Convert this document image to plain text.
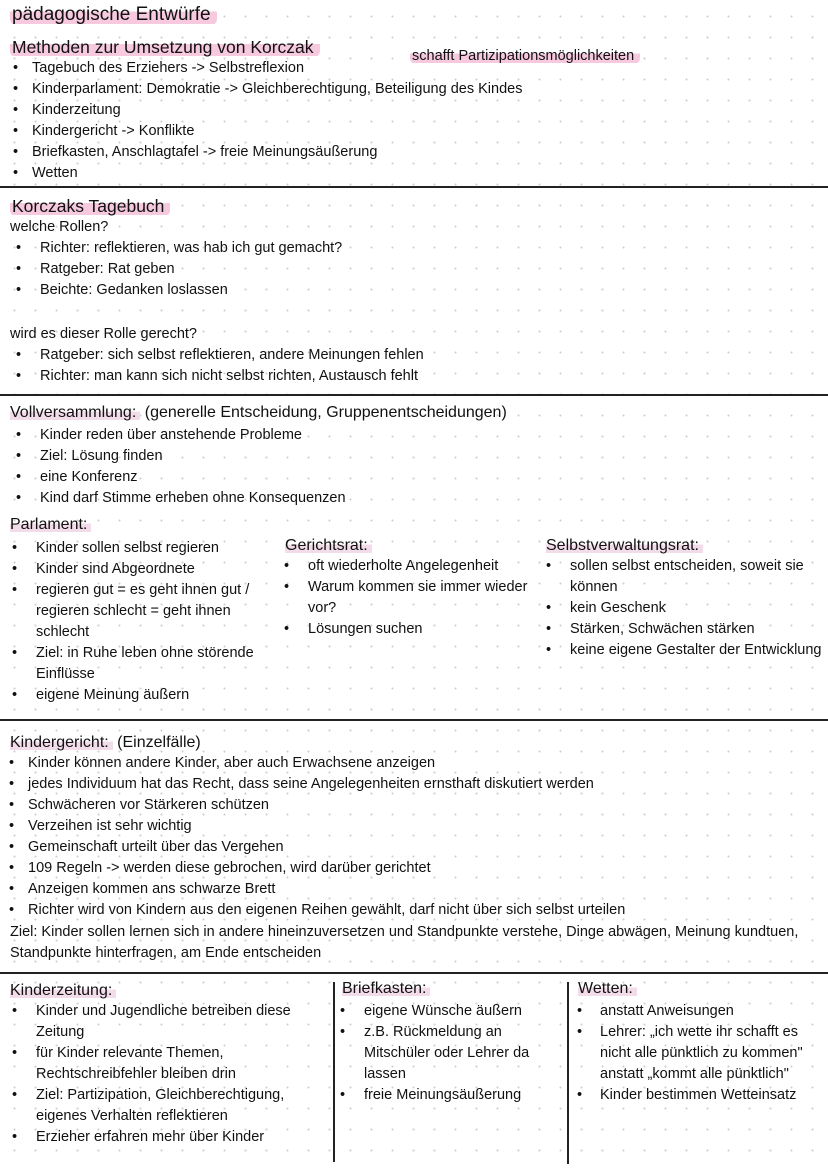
pädagogische Entwürfe
Methoden zur Umsetzung von Korczak	schafft Partizipationsmöglichkeiten
• Tagebuch des Erziehers -> Selbstreflexion
• Kinderparlament: Demokratie -> Gleichberechtigung, Beteiligung des Kindes
• Kinderzeitung
• Kindergericht -> Konflikte
• Briefkasten, Anschlagtafel -> freie Meinungsäußerung
• Wetten
Korczaks Tagebuch
welche Rollen?
• Richter: reflektieren, was hab ich gut gemacht?
• Ratgeber: Rat geben
• Beichte: Gedanken loslassen
wird es dieser Rolle gerecht?
• Ratgeber: sich selbst reflektieren, andere Meinungen fehlen
• Richter: man kann sich nicht selbst richten, Austausch fehlt
Vollversammlung: (generelle Entscheidung, Gruppenentscheidungen)
• Kinder reden über anstehende Probleme
• Ziel: Lösung finden
• eine Konferenz
• Kind darf Stimme erheben ohne Konsequenzen
Parlament:
• Kinder sollen selbst regieren
• Kinder sind Abgeordnete
• regieren gut = es geht ihnen gut / regieren schlecht = geht ihnen schlecht
• Ziel: in Ruhe leben ohne störende Einflüsse
• eigene Meinung äußern
Gerichtsrat:
• oft wiederholte Angelegenheit
• Warum kommen sie immer wieder vor?
• Lösungen suchen
Selbstverwaltungsrat:
• sollen selbst entscheiden, soweit sie können
• kein Geschenk
• Stärken, Schwächen stärken
• keine eigene Gestalter der Entwicklung
Kindergericht: (Einzelfälle)
• Kinder können andere Kinder, aber auch Erwachsene anzeigen
• jedes Individuum hat das Recht, dass seine Angelegenheiten ernsthaft diskutiert werden
• Schwächeren vor Stärkeren schützen
• Verzeihen ist sehr wichtig
• Gemeinschaft urteilt über das Vergehen
• 109 Regeln -> werden diese gebrochen, wird darüber gerichtet
• Anzeigen kommen ans schwarze Brett
• Richter wird von Kindern aus den eigenen Reihen gewählt, darf nicht über sich selbst urteilen
Ziel: Kinder sollen lernen sich in andere hineinzuversetzen und Standpunkte verstehe, Dinge abwägen, Meinung kundtuen, Standpunkte hinterfragen, am Ende entscheiden
Kinderzeitung:
• Kinder und Jugendliche betreiben diese Zeitung
• für Kinder relevante Themen, Rechtschreibfehler bleiben drin
• Ziel: Partizipation, Gleichberechtigung, eigenes Verhalten reflektieren
• Erzieher erfahren mehr über Kinder
Briefkasten:
• eigene Wünsche äußern
• z.B. Rückmeldung an Mitschüler oder Lehrer da lassen
• freie Meinungsäußerung
Wetten:
• anstatt Anweisungen
• Lehrer: „ich wette ihr schafft es nicht alle pünktlich zu kommen" anstatt „kommt alle pünktlich"
• Kinder bestimmen Wetteinsatz
